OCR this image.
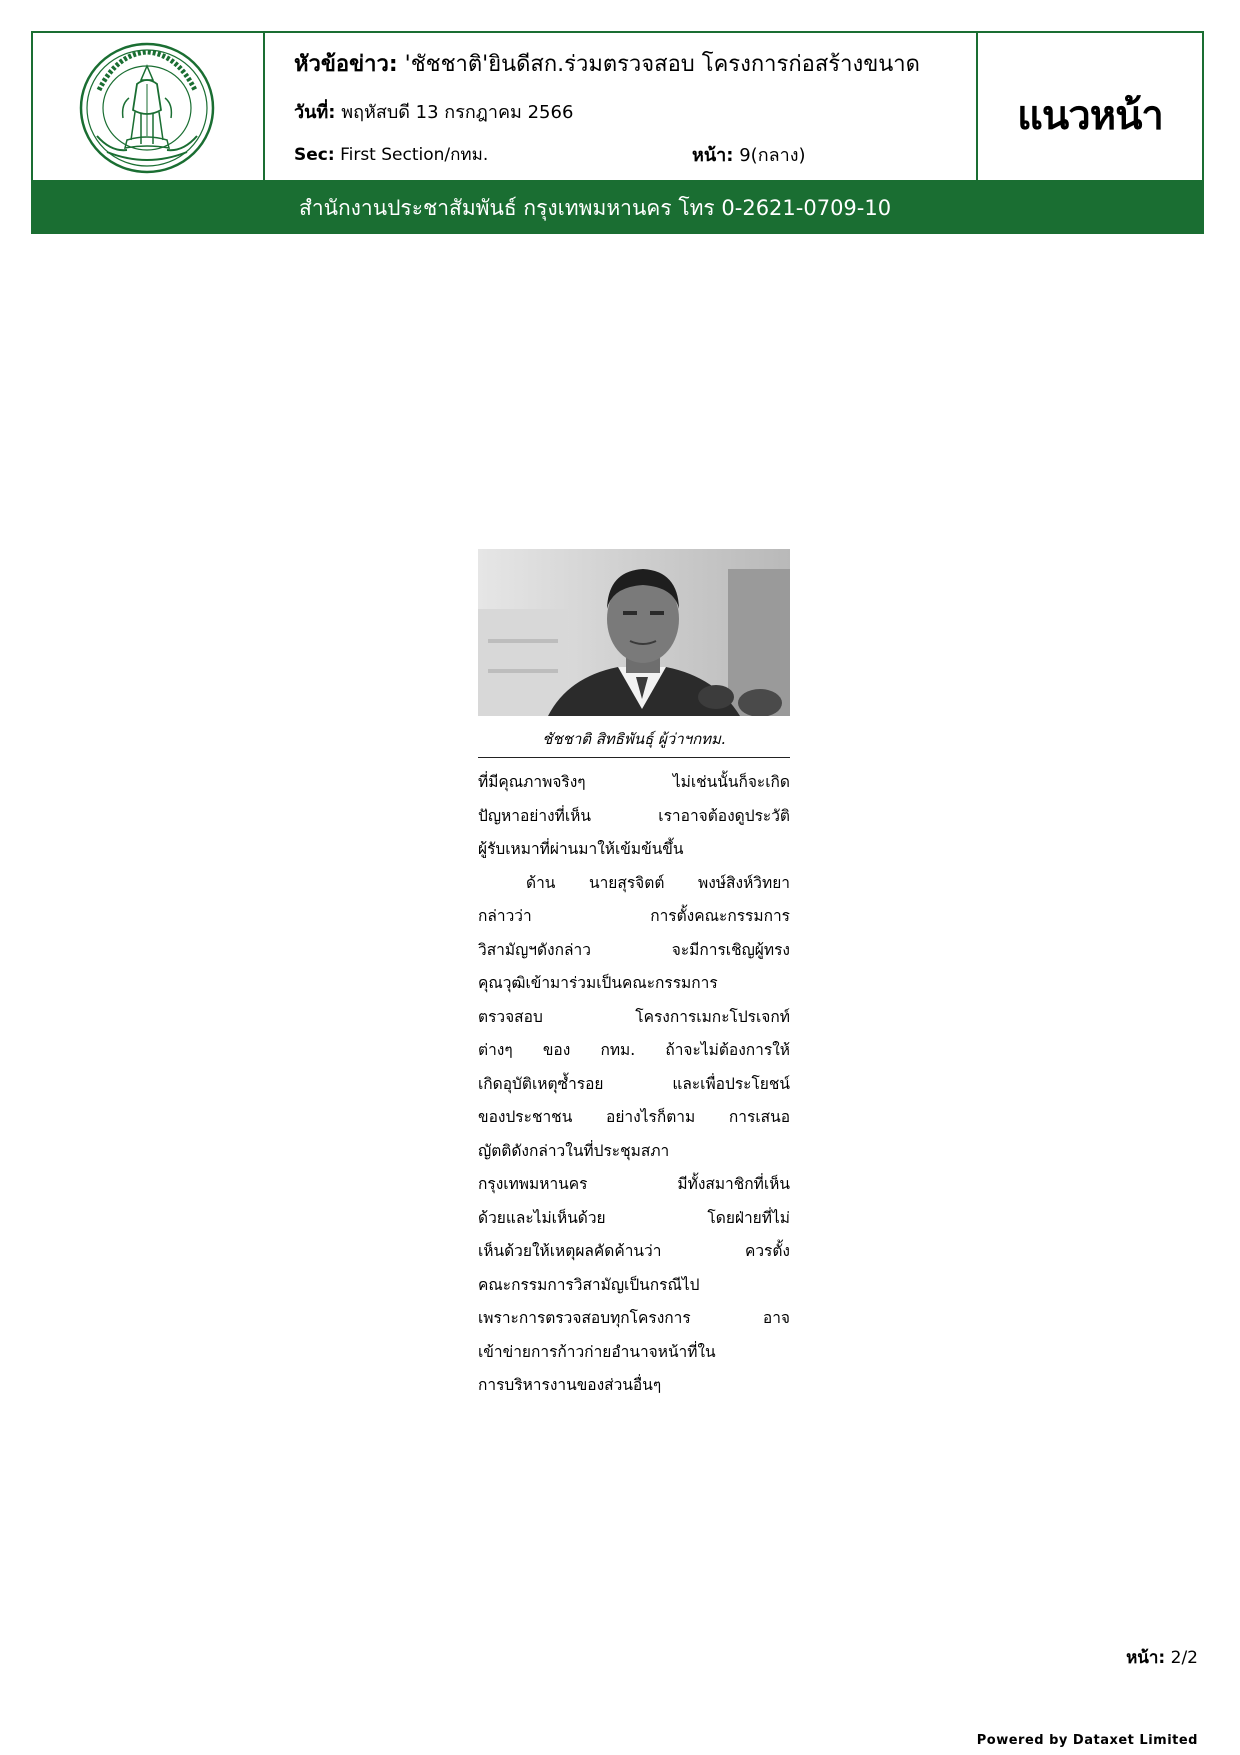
หัวข้อข่าว: 'ชัชชาติ'ยินดีสก.ร่วมตรวจสอบ โครงการก่อสร้างขนาด
วันที่: พฤหัสบดี 13 กรกฎาคม 2566
Sec: First Section/กทม.	หน้า: 9(กลาง)
แนวหน้า
สำนักงานประชาสัมพันธ์ กรุงเทพมหานคร โทร 0-2621-0709-10
ชัชชาติ สิทธิพันธุ์ ผู้ว่าฯกทม.
ที่มีคุณภาพจริงๆ ไม่เช่นนั้นก็จะเกิด
ปัญหาอย่างที่เห็น เราอาจต้องดูประวัติ
ผู้รับเหมาที่ผ่านมาให้เข้มข้นขึ้น
ด้าน นายสุรจิตต์ พงษ์สิงห์วิทยา
กล่าวว่า การตั้งคณะกรรมการ
วิสามัญฯดังกล่าว จะมีการเชิญผู้ทรง
คุณวุฒิเข้ามาร่วมเป็นคณะกรรมการ
ตรวจสอบ โครงการเมกะโปรเจกท์
ต่างๆ ของ กทม. ถ้าจะไม่ต้องการให้
เกิดอุบัติเหตุซ้ำรอย และเพื่อประโยชน์
ของประชาชน อย่างไรก็ตาม การเสนอ
ญัตติดังกล่าวในที่ประชุมสภา
กรุงเทพมหานคร มีทั้งสมาชิกที่เห็น
ด้วยและไม่เห็นด้วย โดยฝ่ายที่ไม่
เห็นด้วยให้เหตุผลคัดค้านว่า ควรตั้ง
คณะกรรมการวิสามัญเป็นกรณีไป
เพราะการตรวจสอบทุกโครงการ อาจ
เข้าข่ายการก้าวก่ายอำนาจหน้าที่ใน
การบริหารงานของส่วนอื่นๆ
หน้า: 2/2
Powered by Dataxet Limited
